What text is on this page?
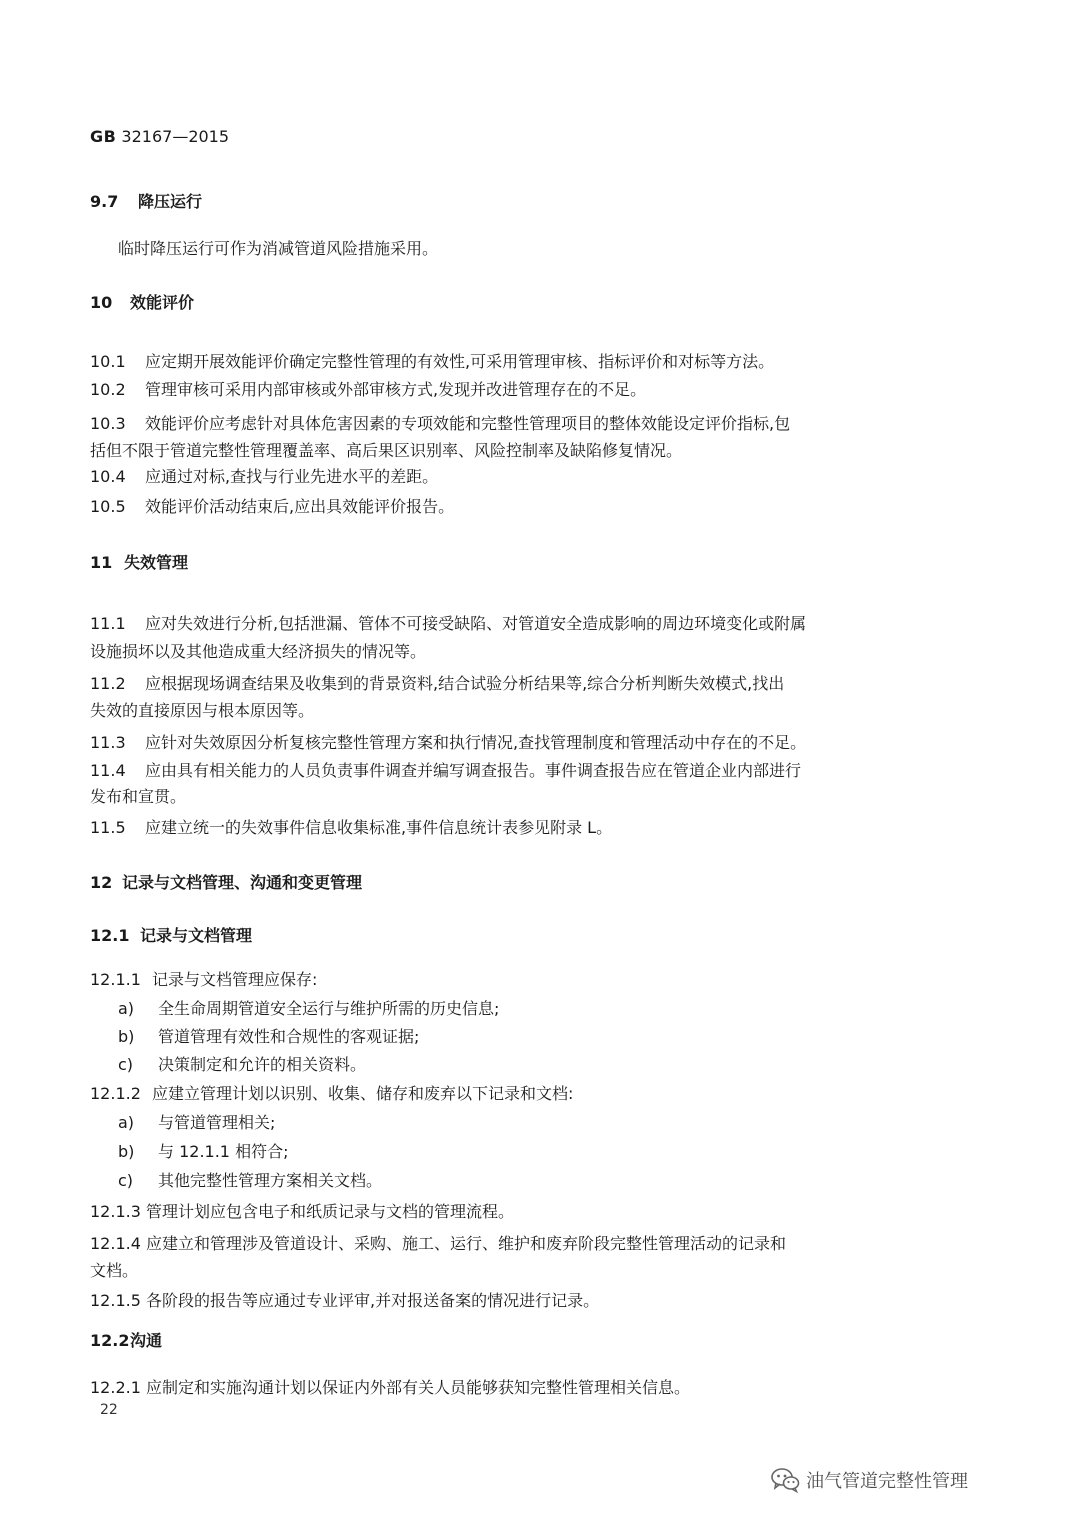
GB 32167—2015
9.7 降压运行
临时降压运行可作为消减管道风险措施采用。
10 效能评价
10.1 应定期开展效能评价确定完整性管理的有效性,可采用管理审核、指标评价和对标等方法。
10.2 管理审核可采用内部审核或外部审核方式,发现并改进管理存在的不足。
10.3 效能评价应考虑针对具体危害因素的专项效能和完整性管理项目的整体效能设定评价指标,包
括但不限于管道完整性管理覆盖率、高后果区识别率、风险控制率及缺陷修复情况。
10.4 应通过对标,查找与行业先进水平的差距。
10.5 效能评价活动结束后,应出具效能评价报告。
11 失效管理
11.1 应对失效进行分析,包括泄漏、管体不可接受缺陷、对管道安全造成影响的周边环境变化或附属
设施损坏以及其他造成重大经济损失的情况等。
11.2 应根据现场调查结果及收集到的背景资料,结合试验分析结果等,综合分析判断失效模式,找出
失效的直接原因与根本原因等。
11.3 应针对失效原因分析复核完整性管理方案和执行情况,查找管理制度和管理活动中存在的不足。
11.4 应由具有相关能力的人员负责事件调查并编写调查报告。事件调查报告应在管道企业内部进行
发布和宣贯。
11.5 应建立统一的失效事件信息收集标准,事件信息统计表参见附录 L。
12 记录与文档管理、沟通和变更管理
12.1 记录与文档管理
12.1.1 记录与文档管理应保存:
a) 全生命周期管道安全运行与维护所需的历史信息;
b) 管道管理有效性和合规性的客观证据;
c) 决策制定和允许的相关资料。
12.1.2 应建立管理计划以识别、收集、储存和废弃以下记录和文档:
a) 与管道管理相关;
b) 与 12.1.1 相符合;
c) 其他完整性管理方案相关文档。
12.1.3 管理计划应包含电子和纸质记录与文档的管理流程。
12.1.4 应建立和管理涉及管道设计、采购、施工、运行、维护和废弃阶段完整性管理活动的记录和
文档。
12.1.5 各阶段的报告等应通过专业评审,并对报送备案的情况进行记录。
12.2沟通
12.2.1 应制定和实施沟通计划以保证内外部有关人员能够获知完整性管理相关信息。
22
油气管道完整性管理
